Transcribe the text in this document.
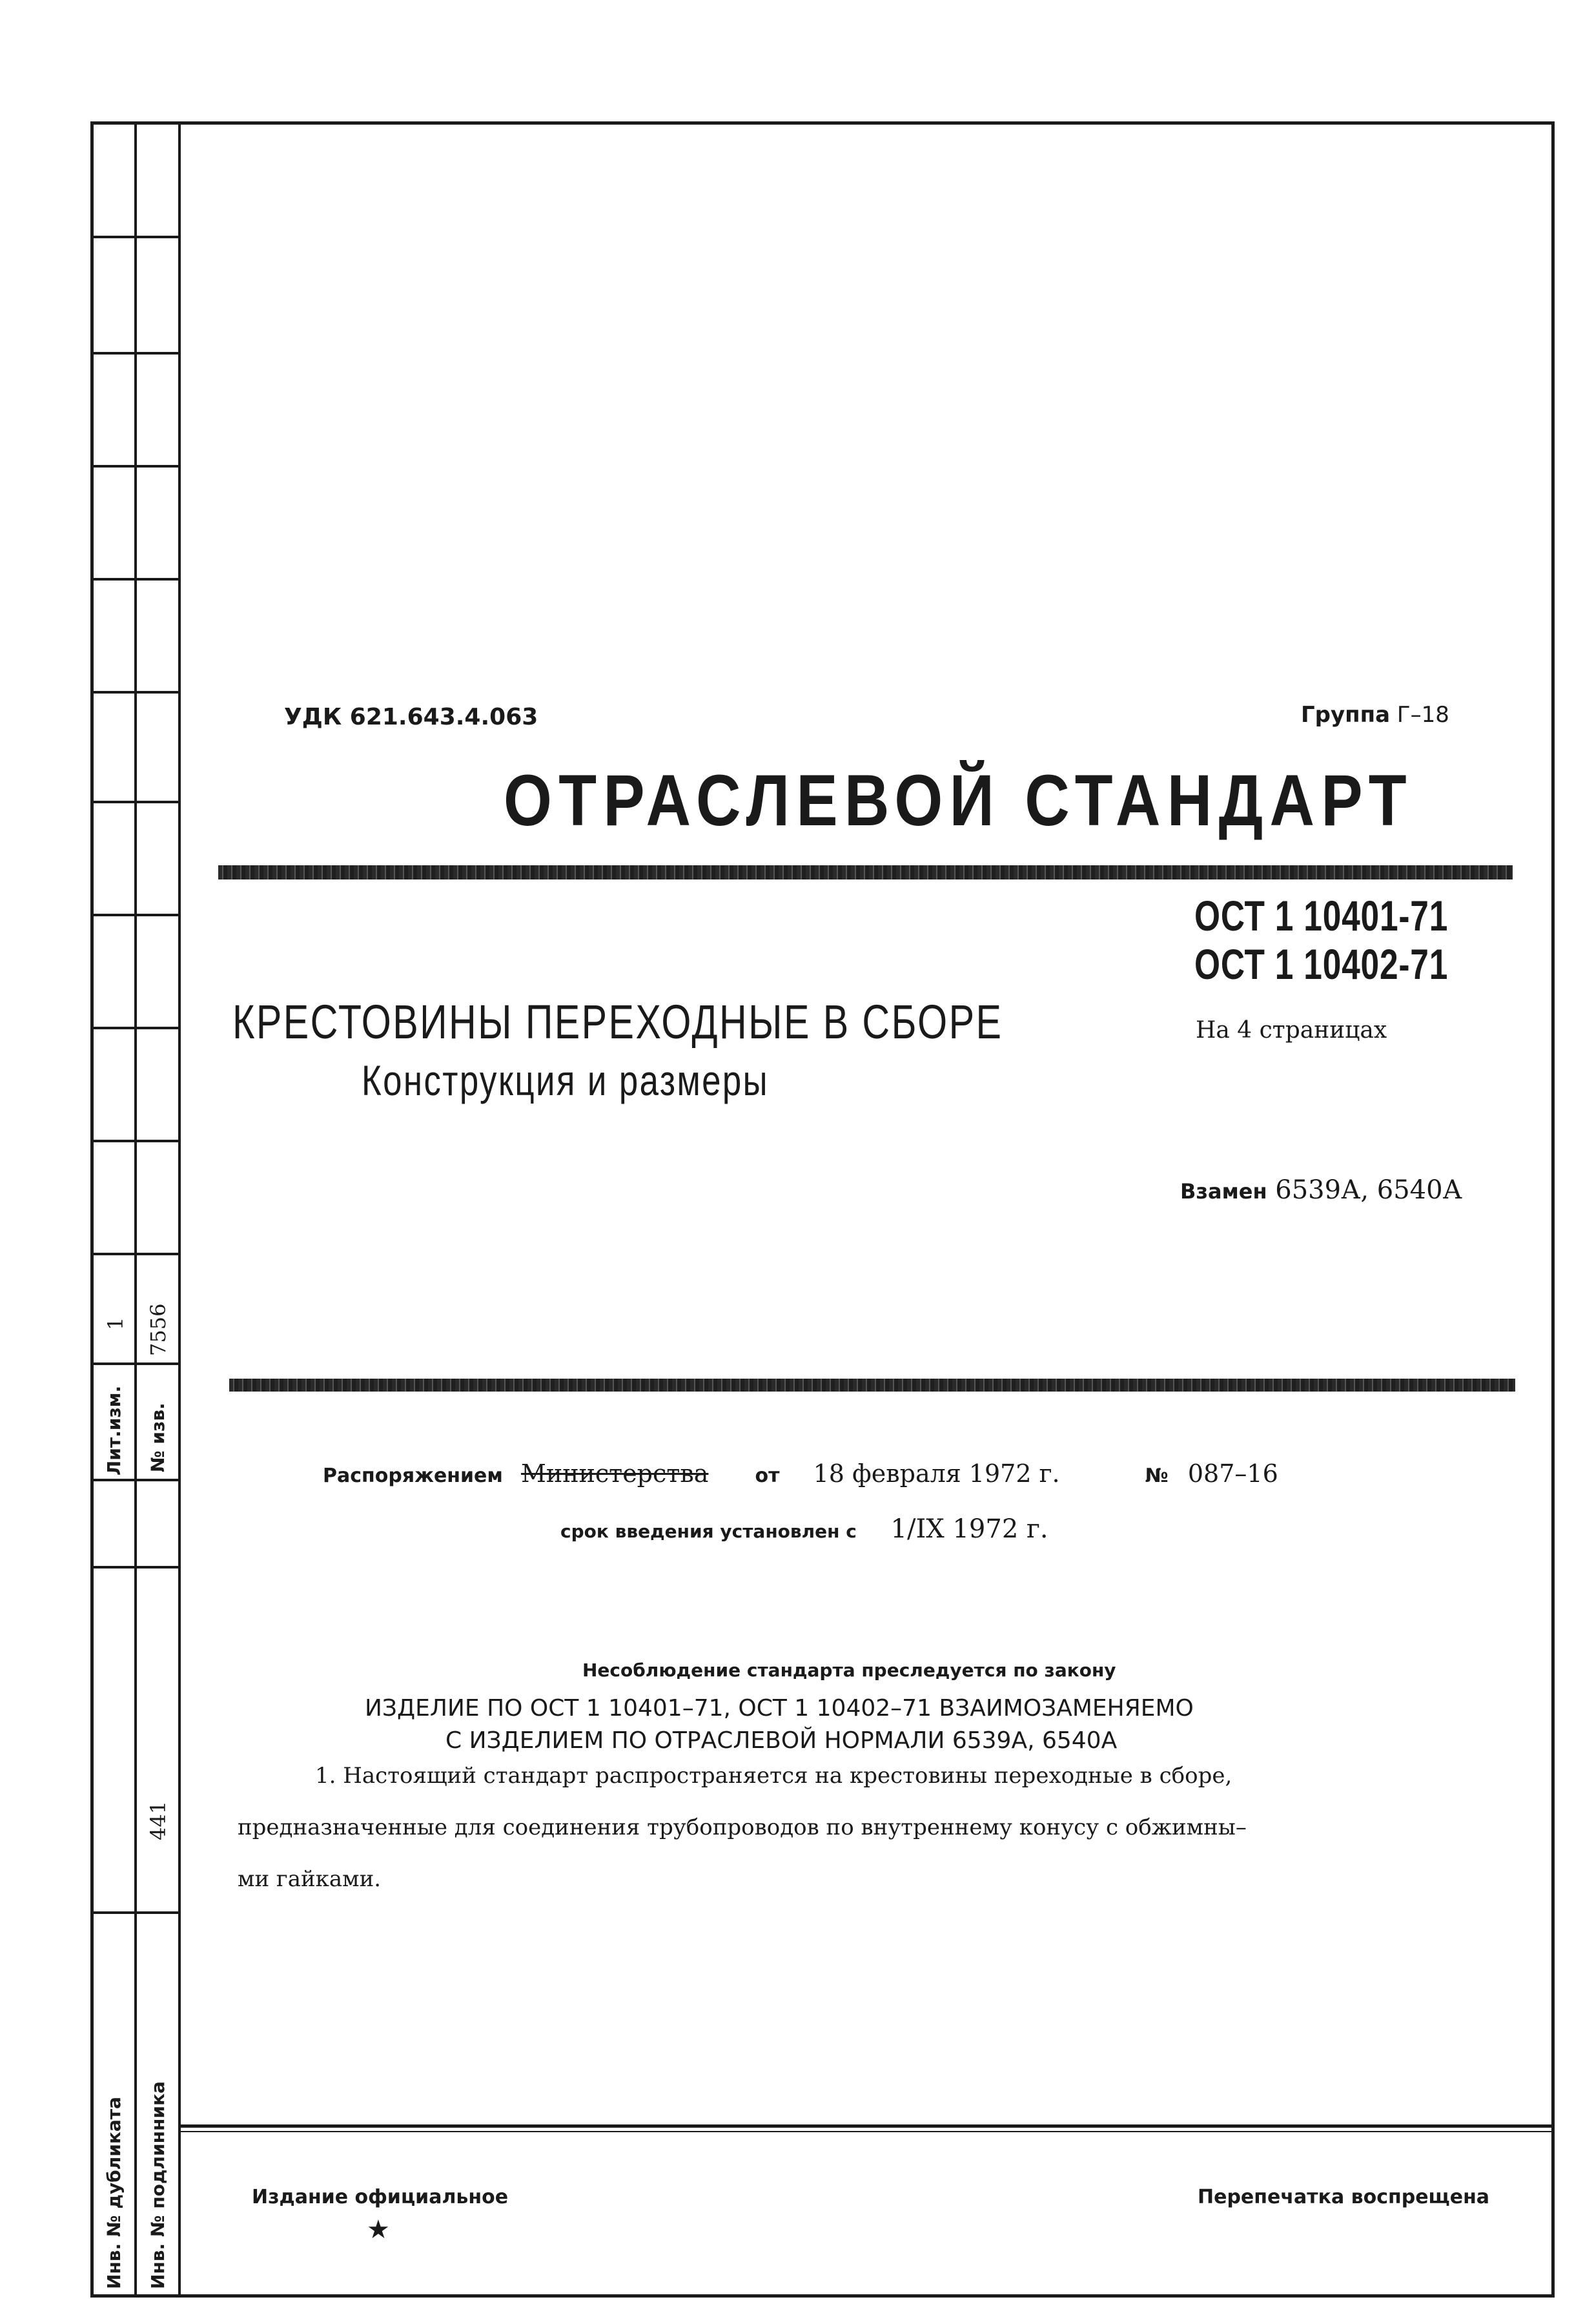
Лит.изм. № изв.
1 7556
441
Инв. № дубликата Инв. № подлинника
УДК 621.643.4.063	Группа Г–18
ОТРАСЛЕВОЙ СТАНДАРТ
ОСТ 1 10401-71
ОСТ 1 10402-71
КРЕСТОВИНЫ ПЕРЕХОДНЫЕ В СБОРЕ
Конструкция и размеры
На 4 страницах
Взамен 6539А, 6540А
Распоряжением Министерства от 18 февраля 1972 г.	№ 087–16
срок введения установлен с 1/IX 1972 г.
Несоблюдение стандарта преследуется по закону
ИЗДЕЛИЕ ПО ОСТ 1 10401–71, ОСТ 1 10402–71 ВЗАИМОЗАМЕНЯЕМО
С ИЗДЕЛИЕМ ПО ОТРАСЛЕВОЙ НОРМАЛИ 6539А, 6540А
1. Настоящий стандарт распространяется на крестовины переходные в сборе,
предназначенные для соединения трубопроводов по внутреннему конусу с обжимны–
ми гайками.
Издание официальное
★
Перепечатка воспрещена
